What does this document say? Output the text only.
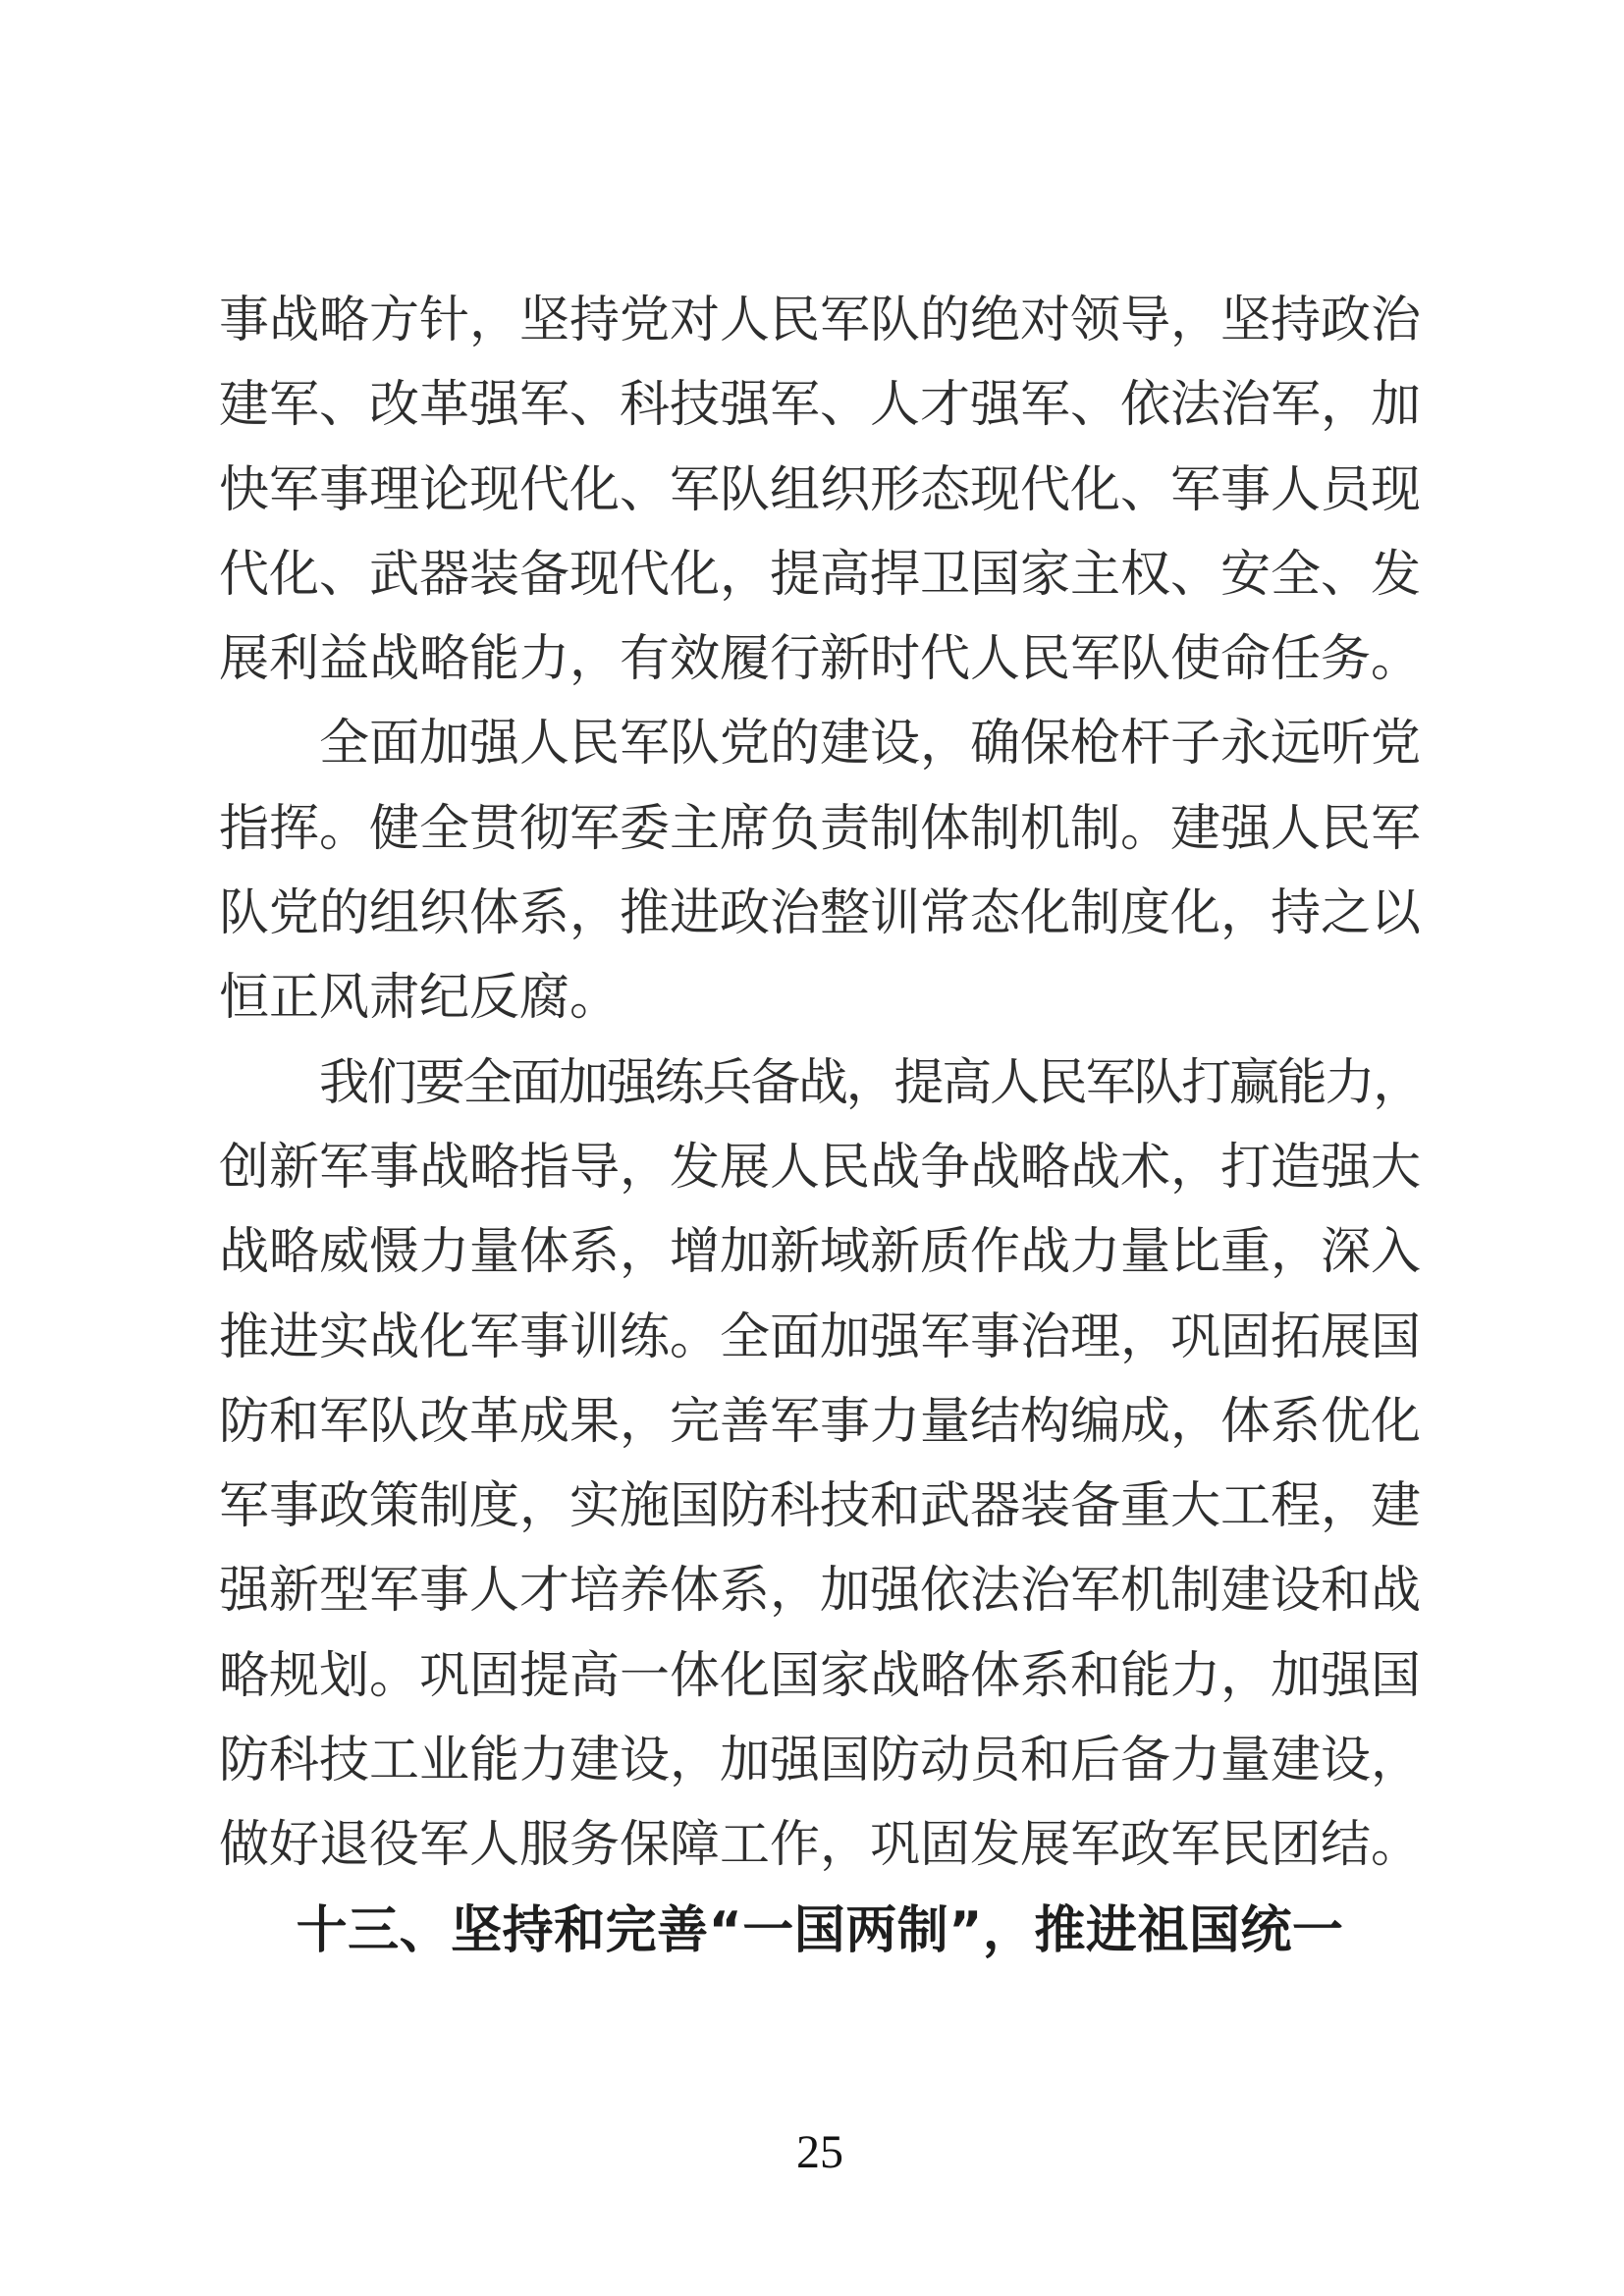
事战略方针，坚持党对人民军队的绝对领导，坚持政治
建军、改革强军、科技强军、人才强军、依法治军，加
快军事理论现代化、军队组织形态现代化、军事人员现
代化、武器装备现代化，提高捍卫国家主权、安全、发
展利益战略能力，有效履行新时代人民军队使命任务。
全面加强人民军队党的建设，确保枪杆子永远听党
指挥。健全贯彻军委主席负责制体制机制。建强人民军
队党的组织体系，推进政治整训常态化制度化，持之以
恒正风肃纪反腐。
我们要全面加强练兵备战，提高人民军队打赢能力，
创新军事战略指导，发展人民战争战略战术，打造强大
战略威慑力量体系，增加新域新质作战力量比重，深入
推进实战化军事训练。全面加强军事治理，巩固拓展国
防和军队改革成果，完善军事力量结构编成，体系优化
军事政策制度，实施国防科技和武器装备重大工程，建
强新型军事人才培养体系，加强依法治军机制建设和战
略规划。巩固提高一体化国家战略体系和能力，加强国
防科技工业能力建设，加强国防动员和后备力量建设，
做好退役军人服务保障工作，巩固发展军政军民团结。
十三、坚持和完善“一国两制”，推进祖国统一
25
